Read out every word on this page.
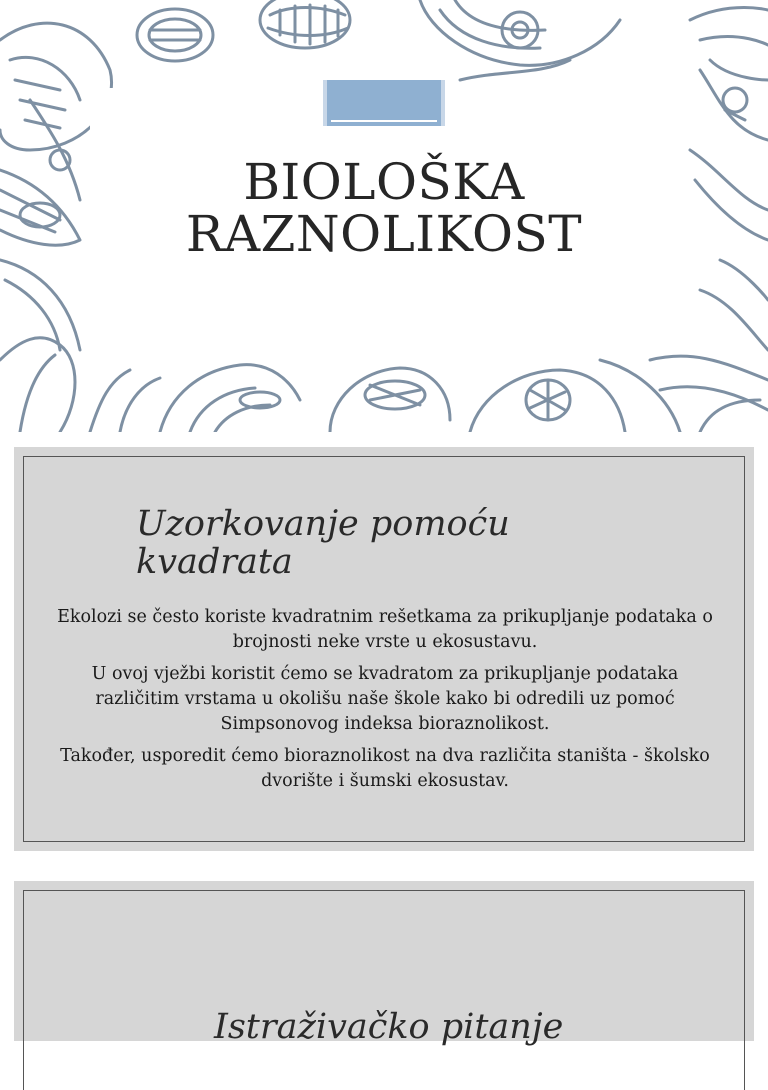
BIOLOŠKA
RAZNOLIKOST
Uzorkovanje pomoću
kvadrata

Ekolozi se često koriste kvadratnim rešetkama za prikupljanje podataka o brojnosti neke vrste u ekosustavu.

U ovoj vježbi koristit ćemo se kvadratom za prikupljanje podataka različitim vrstama u okolišu naše škole kako bi odredili uz pomoć Simpsonovog indeksa bioraznolikost.

Također, usporedit ćemo bioraznolikost na dva različita staništa - školsko dvorište i šumski ekosustav.

Istraživačko pitanje
